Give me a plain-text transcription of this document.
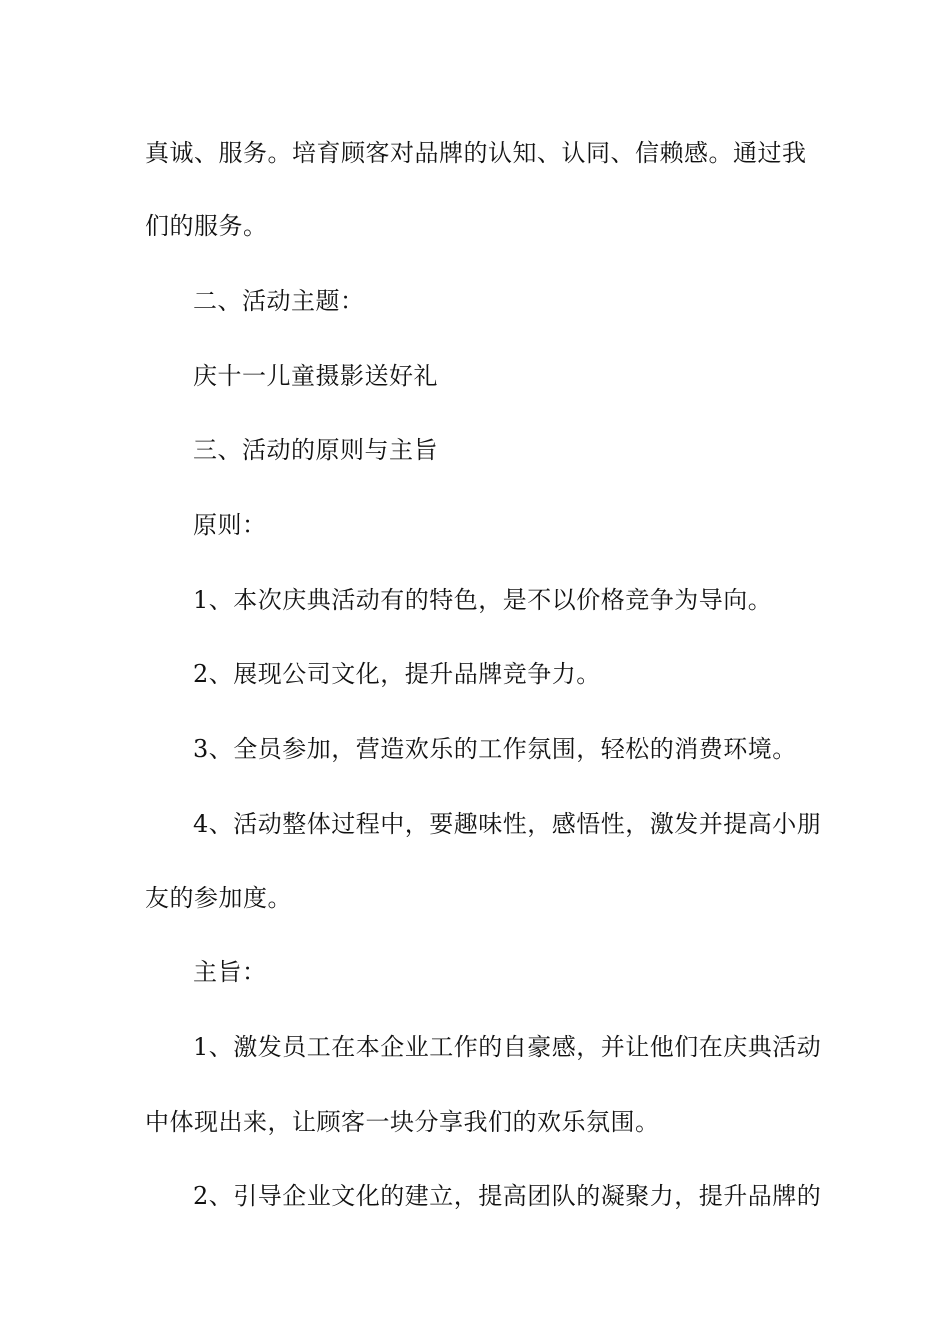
真诚、服务。培育顾客对品牌的认知、认同、信赖感。通过我
们的服务。
二、活动主题：
庆十一儿童摄影送好礼
三、活动的原则与主旨
原则：
1、本次庆典活动有的特色，是不以价格竞争为导向。
2、展现公司文化，提升品牌竞争力。
3、全员参加，营造欢乐的工作氛围，轻松的消费环境。
4、活动整体过程中，要趣味性，感悟性，激发并提高小朋
友的参加度。
主旨：
1、激发员工在本企业工作的自豪感，并让他们在庆典活动
中体现出来，让顾客一块分享我们的欢乐氛围。
2、引导企业文化的建立，提高团队的凝聚力，提升品牌的
